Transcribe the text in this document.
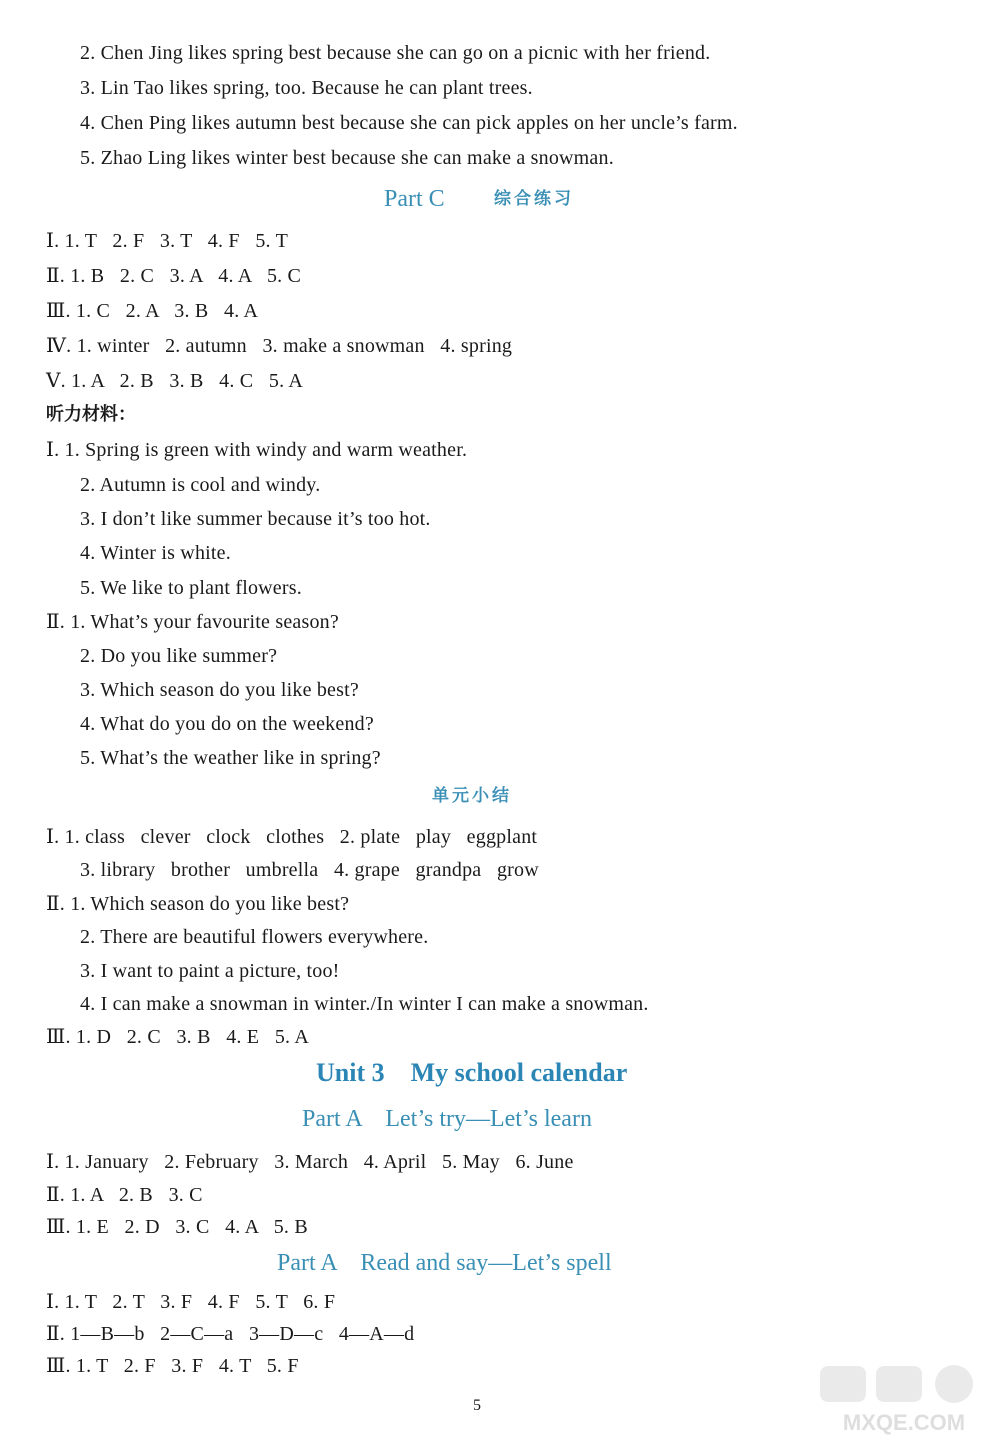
2. Chen Jing likes spring best because she can go on a picnic with her friend.
3. Lin Tao likes spring, too. Because he can plant trees.
4. Chen Ping likes autumn best because she can pick apples on her uncle’s farm.
5. Zhao Ling likes winter best because she can make a snowman.
Part C	综合练习
Ⅰ. 1. T   2. F   3. T   4. F   5. T
Ⅱ. 1. B   2. C   3. A   4. A   5. C
Ⅲ. 1. C   2. A   3. B   4. A
Ⅳ. 1. winter   2. autumn   3. make a snowman   4. spring
Ⅴ. 1. A   2. B   3. B   4. C   5. A
听力材料：
Ⅰ. 1. Spring is green with windy and warm weather.
2. Autumn is cool and windy.
3. I don’t like summer because it’s too hot.
4. Winter is white.
5. We like to plant flowers.
Ⅱ. 1. What’s your favourite season?
2. Do you like summer?
3. Which season do you like best?
4. What do you do on the weekend?
5. What’s the weather like in spring?
单元小结
Ⅰ. 1. class   clever   clock   clothes   2. plate   play   eggplant
3. library   brother   umbrella   4. grape   grandpa   grow
Ⅱ. 1. Which season do you like best?
2. There are beautiful flowers everywhere.
3. I want to paint a picture, too!
4. I can make a snowman in winter./In winter I can make a snowman.
Ⅲ. 1. D   2. C   3. B   4. E   5. A
Unit 3    My school calendar
Part A    Let’s try—Let’s learn
Ⅰ. 1. January   2. February   3. March   4. April   5. May   6. June
Ⅱ. 1. A   2. B   3. C
Ⅲ. 1. E   2. D   3. C   4. A   5. B
Part A    Read and say—Let’s spell
Ⅰ. 1. T   2. T   3. F   4. F   5. T   6. F
Ⅱ. 1—B—b   2—C—a   3—D—c   4—A—d
Ⅲ. 1. T   2. F   3. F   4. T   5. F
5
MXQE.COM
